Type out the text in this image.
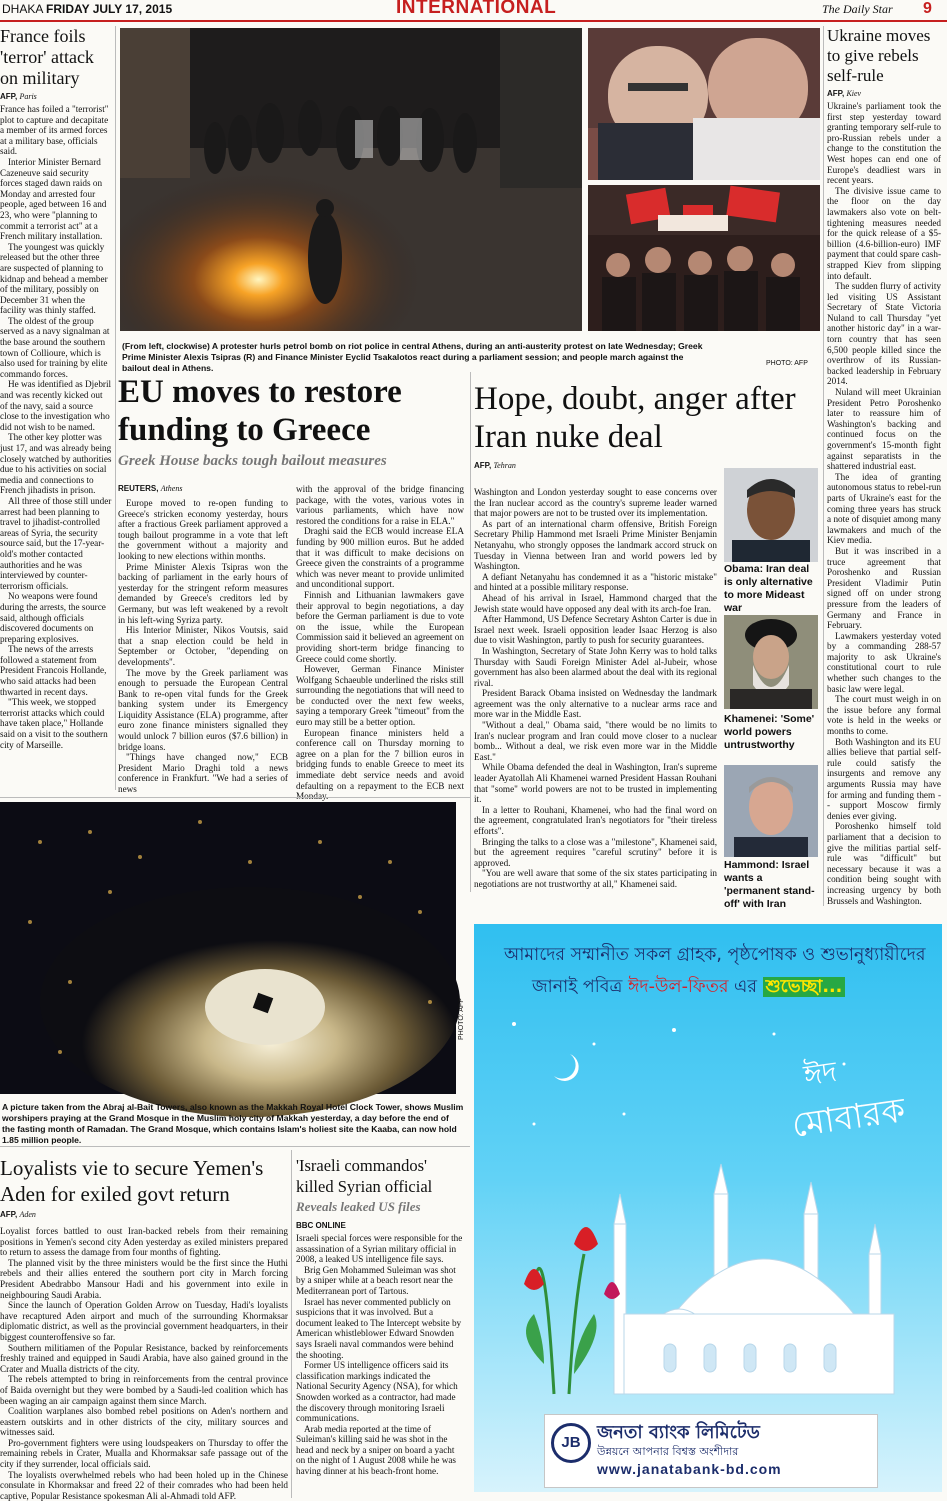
DHAKA FRIDAY JULY 17, 2015	INTERNATIONAL	The Daily Star 9
France foils 'terror' attack on military
AFP, Paris

France has foiled a "terrorist" plot to capture and decapitate a member of its armed forces at a military base, officials said.

Interior Minister Bernard Cazeneuve said security forces staged dawn raids on Monday and arrested four people, aged between 16 and 23, who were "planning to commit a terrorist act" at a French military installation.

The youngest was quickly released but the other three are suspected of planning to kidnap and behead a member of the military, possibly on December 31 when the facility was thinly staffed.

The oldest of the group served as a navy signalman at the base around the southern town of Collioure, which is also used for training by elite commando forces.

He was identified as Djebril and was recently kicked out of the navy, said a source close to the investigation who did not wish to be named.

The other key plotter was just 17, and was already being closely watched by authorities due to his activities on social media and connections to French jihadists in prison.

All three of those still under arrest had been planning to travel to jihadist-controlled areas of Syria, the security source said, but the 17-year-old's mother contacted authorities and he was interviewed by counter-terrorism officials.

No weapons were found during the arrests, the source said, although officials discovered documents on preparing explosives.

The news of the arrests followed a statement from President Francois Hollande, who said attacks had been thwarted in recent days.

"This week, we stopped terrorist attacks which could have taken place," Hollande said on a visit to the southern city of Marseille.

(From left, clockwise) A protester hurls petrol bomb on riot police in central Athens, during an anti-austerity protest on late Wednesday; Greek Prime Minister Alexis Tsipras (R) and Finance Minister Eyclid Tsakalotos react during a parliament session; and people march against the bailout deal in Athens.	PHOTO: AFP
Ukraine moves to give rebels self-rule
AFP, Kiev

Ukraine's parliament took the first step yesterday toward granting temporary self-rule to pro-Russian rebels under a change to the constitution the West hopes can end one of Europe's deadliest wars in recent years.

The divisive issue came to the floor on the day lawmakers also vote on belt-tightening measures needed for the quick release of a $5-billion (4.6-billion-euro) IMF payment that could spare cash-strapped Kiev from slipping into default.

The sudden flurry of activity led visiting US Assistant Secretary of State Victoria Nuland to call Thursday "yet another historic day" in a war-torn country that has seen 6,500 people killed since the overthrow of its Russian-backed leadership in February 2014.

Nuland will meet Ukrainian President Petro Poroshenko later to reassure him of Washington's backing and continued focus on the government's 15-month fight against separatists in the shattered industrial east.

The idea of granting autonomous status to rebel-run parts of Ukraine's east for the coming three years has struck a note of disquiet among many lawmakers and much of the Kiev media.

But it was inscribed in a truce agreement that Poroshenko and Russian President Vladimir Putin signed off on under strong pressure from the leaders of Germany and France in February.

Lawmakers yesterday voted by a commanding 288-57 majority to ask Ukraine's constitutional court to rule whether such changes to the basic law were legal.

The court must weigh in on the issue before any formal vote is held in the weeks or months to come.

Both Washington and its EU allies believe that partial self-rule could satisfy the insurgents and remove any arguments Russia may have for arming and funding them -- support Moscow firmly denies ever giving.

Poroshenko himself told parliament that a decision to give the militias partial self-rule was "difficult" but necessary because it was a condition being sought with increasing urgency by both Brussels and Washington.

EU moves to restore funding to Greece
Greek House backs tough bailout measures
REUTERS, Athens

Europe moved to re-open funding to Greece's stricken economy yesterday, hours after a fractious Greek parliament approved a tough bailout programme in a vote that left the government without a majority and looking to new elections within months.

Prime Minister Alexis Tsipras won the backing of parliament in the early hours of yesterday for the stringent reform measures demanded by Greece's creditors led by Germany, but was left weakened by a revolt in his left-wing Syriza party.

His Interior Minister, Nikos Voutsis, said that a snap election could be held in September or October, "depending on developments".

The move by the Greek parliament was enough to persuade the European Central Bank to re-open vital funds for the Greek banking system under its Emergency Liquidity Assistance (ELA) programme, after euro zone finance ministers signalled they would unlock 7 billion euros ($7.6 billion) in bridge loans.

"Things have changed now," ECB President Mario Draghi told a news conference in Frankfurt. "We had a series of news

with the approval of the bridge financing package, with the votes, various votes in various parliaments, which have now restored the conditions for a raise in ELA."

Draghi said the ECB would increase ELA funding by 900 million euros. But he added that it was difficult to make decisions on Greece given the constraints of a programme which was never meant to provide unlimited and unconditional support.

Finnish and Lithuanian lawmakers gave their approval to begin negotiations, a day before the German parliament is due to vote on the issue, while the European Commission said it believed an agreement on providing short-term bridge financing to Greece could come shortly.

However, German Finance Minister Wolfgang Schaeuble underlined the risks still surrounding the negotiations that will need to be conducted over the next few weeks, saying a temporary Greek "timeout" from the euro may still be a better option.

European finance ministers held a conference call on Thursday morning to agree on a plan for the 7 billion euros in bridging funds to enable Greece to meet its immediate debt service needs and avoid defaulting on a repayment to the ECB next

Hope, doubt, anger after Iran nuke deal
AFP, Tehran

Washington and London yesterday sought to ease concerns over the Iran nuclear accord as the country's supreme leader warned that major powers are not to be trusted over its implementation.

As part of an international charm offensive, British Foreign Secretary Philip Hammond met Israeli Prime Minister Benjamin Netanyahu, who strongly opposes the landmark accord struck on Tuesday in Vienna between Iran and world powers led by Washington.

A defiant Netanyahu has condemned it as a "historic mistake" and hinted at a possible military response.

Ahead of his arrival in Israel, Hammond charged that the Jewish state would have opposed any deal with its arch-foe Iran.

After Hammond, US Defence Secretary Ashton Carter is due in Israel next week. Israeli opposition leader Isaac Herzog is also due to visit Washington, partly to push for security guarantees.

In Washington, Secretary of State John Kerry was to hold talks Thursday with Saudi Foreign Minister Adel al-Jubeir, whose government has also been alarmed about the deal with its regional rival.

President Barack Obama insisted on Wednesday the landmark agreement was the only alternative to a nuclear arms race and more war in the Middle East.

"Without a deal," Obama said, "there would be no limits to Iran's nuclear program and Iran could move closer to a nuclear bomb... Without a deal, we risk even more war in the Middle East."

While Obama defended the deal in Washington, Iran's supreme leader Ayatollah Ali Khamenei warned President Hassan Rouhani that "some" world powers are not to be trusted in implementing it.

In a letter to Rouhani, Khamenei, who had the final word on the agreement, congratulated Iran's negotiators for "their tireless efforts".

Bringing the talks to a close was a "milestone", Khamenei said, but the agreement requires "careful scrutiny" before it is approved.

"You are well aware that some of the six states participating in negotiations are not trustworthy at all," Khamenei said.

Obama: Iran deal is only alternative to more Mideast war
Khamenei: 'Some' world powers untrustworthy
Hammond: Israel wants a 'permanent stand-off' with Iran
PHOTO: AFP
A picture taken from the Abraj al-Bait Towers, also known as the Makkah Royal Hotel Clock Tower, shows Muslim worshipers praying at the Grand Mosque in the Muslim holy city of Makkah yesterday, a day before the end of the fasting month of Ramadan. The Grand Mosque, which contains Islam's holiest site the Kaaba, can now hold 1.85 million people.
Loyalists vie to secure Yemen's Aden for exiled govt return
AFP, Aden

Loyalist forces battled to oust Iran-backed rebels from their remaining positions in Yemen's second city Aden yesterday as exiled ministers prepared to return to assess the damage from four months of fighting.

The planned visit by the three ministers would be the first since the Huthi rebels and their allies entered the southern port city in March forcing President Abedrabbo Mansour Hadi and his government into exile in neighbouring Saudi Arabia.

Since the launch of Operation Golden Arrow on Tuesday, Hadi's loyalists have recaptured Aden airport and much of the surrounding Khormaksar diplomatic district, as well as the provincial government headquarters, in their biggest counteroffensive so far.

Southern militiamen of the Popular Resistance, backed by reinforcements freshly trained and equipped in Saudi Arabia, have also gained ground in the Crater and Mualla districts of the city.

The rebels attempted to bring in reinforcements from the central province of Baida overnight but they were bombed by a Saudi-led coalition which has been waging an air campaign against them since March.

Coalition warplanes also bombed rebel positions on Aden's northern and eastern outskirts and in other districts of the city, military sources and witnesses said.

Pro-government fighters were using loudspeakers on Thursday to offer the remaining rebels in Crater, Mualla and Khormaksar safe passage out of the city if they surrender, local officials said.

The loyalists overwhelmed rebels who had been holed up in the Chinese consulate in Khormaksar and freed 22 of their comrades who had been held captive, Popular Resistance spokesman Ali al-Ahmadi told AFP.

'Israeli commandos' killed Syrian official
Reveals leaked US files
BBC ONLINE

Israeli special forces were responsible for the assassination of a Syrian military official in 2008, a leaked US intelligence file says.

Brig Gen Mohammed Suleiman was shot by a sniper while at a beach resort near the Mediterranean port of Tartous.

Israel has never commented publicly on suspicions that it was involved. But a document leaked to The Intercept website by American whistleblower Edward Snowden says Israeli naval commandos were behind the shooting.

Former US intelligence officers said its classification markings indicated the National Security Agency (NSA), for which Snowden worked as a contractor, had made the discovery through monitoring Israeli communications.

Arab media reported at the time of Suleiman's killing said he was shot in the head and neck by a sniper on board a yacht on the night of 1 August 2008 while he was having dinner at his beach-front home.

আমাদের সম্মানীত সকল গ্রাহক, পৃষ্ঠপোষক ও শুভানুধ্যায়ীদের
জানাই পবিত্র ঈদ-উল-ফিতর এর শুভেচ্ছা...
ঈদ
মোবারক
JB জনতা ব্যাংক লিমিটেড
উন্নয়নে আপনার বিশ্বস্ত অংশীদার
www.janatabank-bd.com
